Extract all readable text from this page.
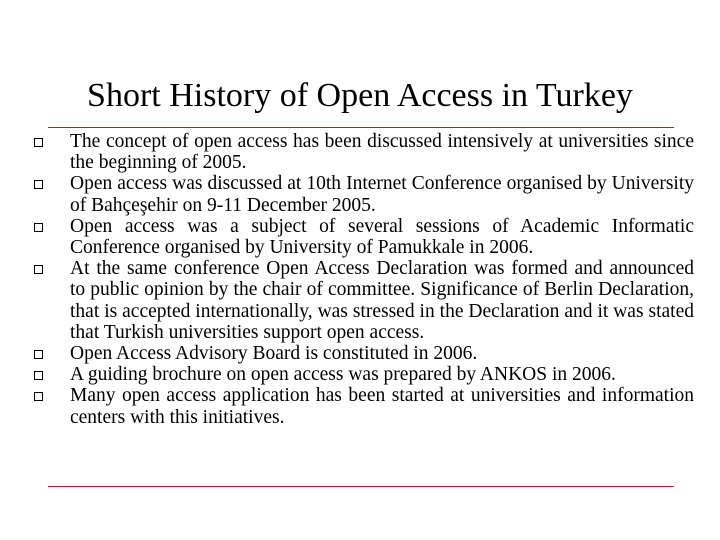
Short History of Open Access in Turkey
The concept of open access has been discussed intensively at universities since the beginning of 2005.
Open access was discussed at 10th Internet Conference organised by University of Bahçeşehir on 9-11 December 2005.
Open access was a subject of several sessions of Academic Informatic Conference organised by University of Pamukkale in 2006.
At the same conference Open Access Declaration was formed and announced to public opinion by the chair of committee. Significance of Berlin Declaration, that is accepted internationally, was stressed in the Declaration and it was stated that Turkish universities support open access.
Open Access Advisory Board is constituted in 2006.
A guiding brochure on open access was prepared by ANKOS in 2006.
Many open access application has been started at universities and information centers with this initiatives.
